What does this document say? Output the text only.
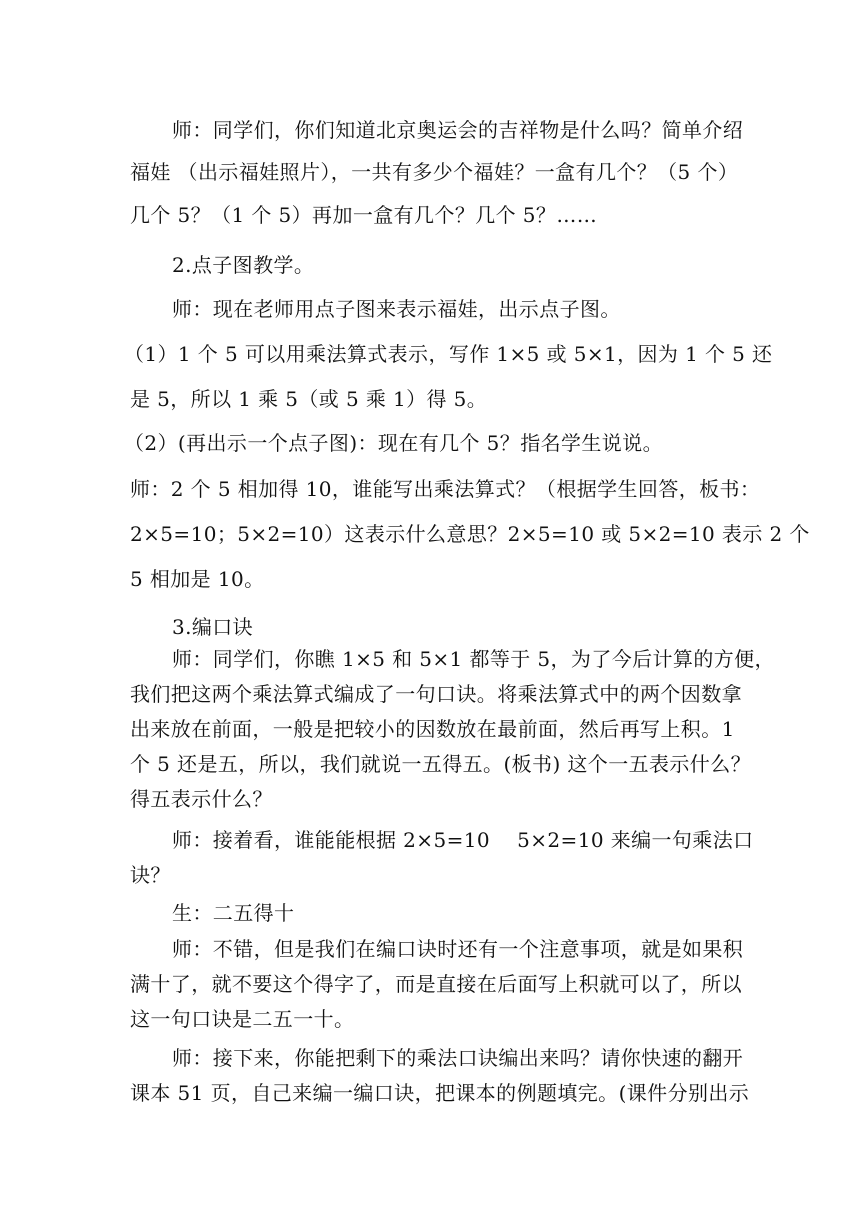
师：同学们，你们知道北京奥运会的吉祥物是什么吗？简单介绍
福娃 （出示福娃照片），一共有多少个福娃？一盒有几个？（5 个）
几个 5？（1 个 5）再加一盒有几个？几个 5？……
2.点子图教学。
师：现在老师用点子图来表示福娃，出示点子图。
（1）1 个 5 可以用乘法算式表示，写作 1×5 或 5×1，因为 1 个 5 还
是 5，所以 1 乘 5（或 5 乘 1）得 5。
（2）(再出示一个点子图)：现在有几个 5？指名学生说说。
师：2 个 5 相加得 10，谁能写出乘法算式？（根据学生回答，板书：
2×5=10；5×2=10）这表示什么意思？2×5=10 或 5×2=10 表示 2 个
5 相加是 10。
3.编口诀
师：同学们，你瞧 1×5 和 5×1 都等于 5，为了今后计算的方便，
我们把这两个乘法算式编成了一句口诀。将乘法算式中的两个因数拿
出来放在前面，一般是把较小的因数放在最前面，然后再写上积。1
个 5 还是五，所以，我们就说一五得五。(板书) 这个一五表示什么？
得五表示什么？
师：接着看，谁能能根据 2×5=10　 5×2=10 来编一句乘法口
诀？
生：二五得十
师：不错，但是我们在编口诀时还有一个注意事项，就是如果积
满十了，就不要这个得字了，而是直接在后面写上积就可以了，所以
这一句口诀是二五一十。
师：接下来，你能把剩下的乘法口诀编出来吗？请你快速的翻开
课本 51 页，自己来编一编口诀，把课本的例题填完。(课件分别出示
